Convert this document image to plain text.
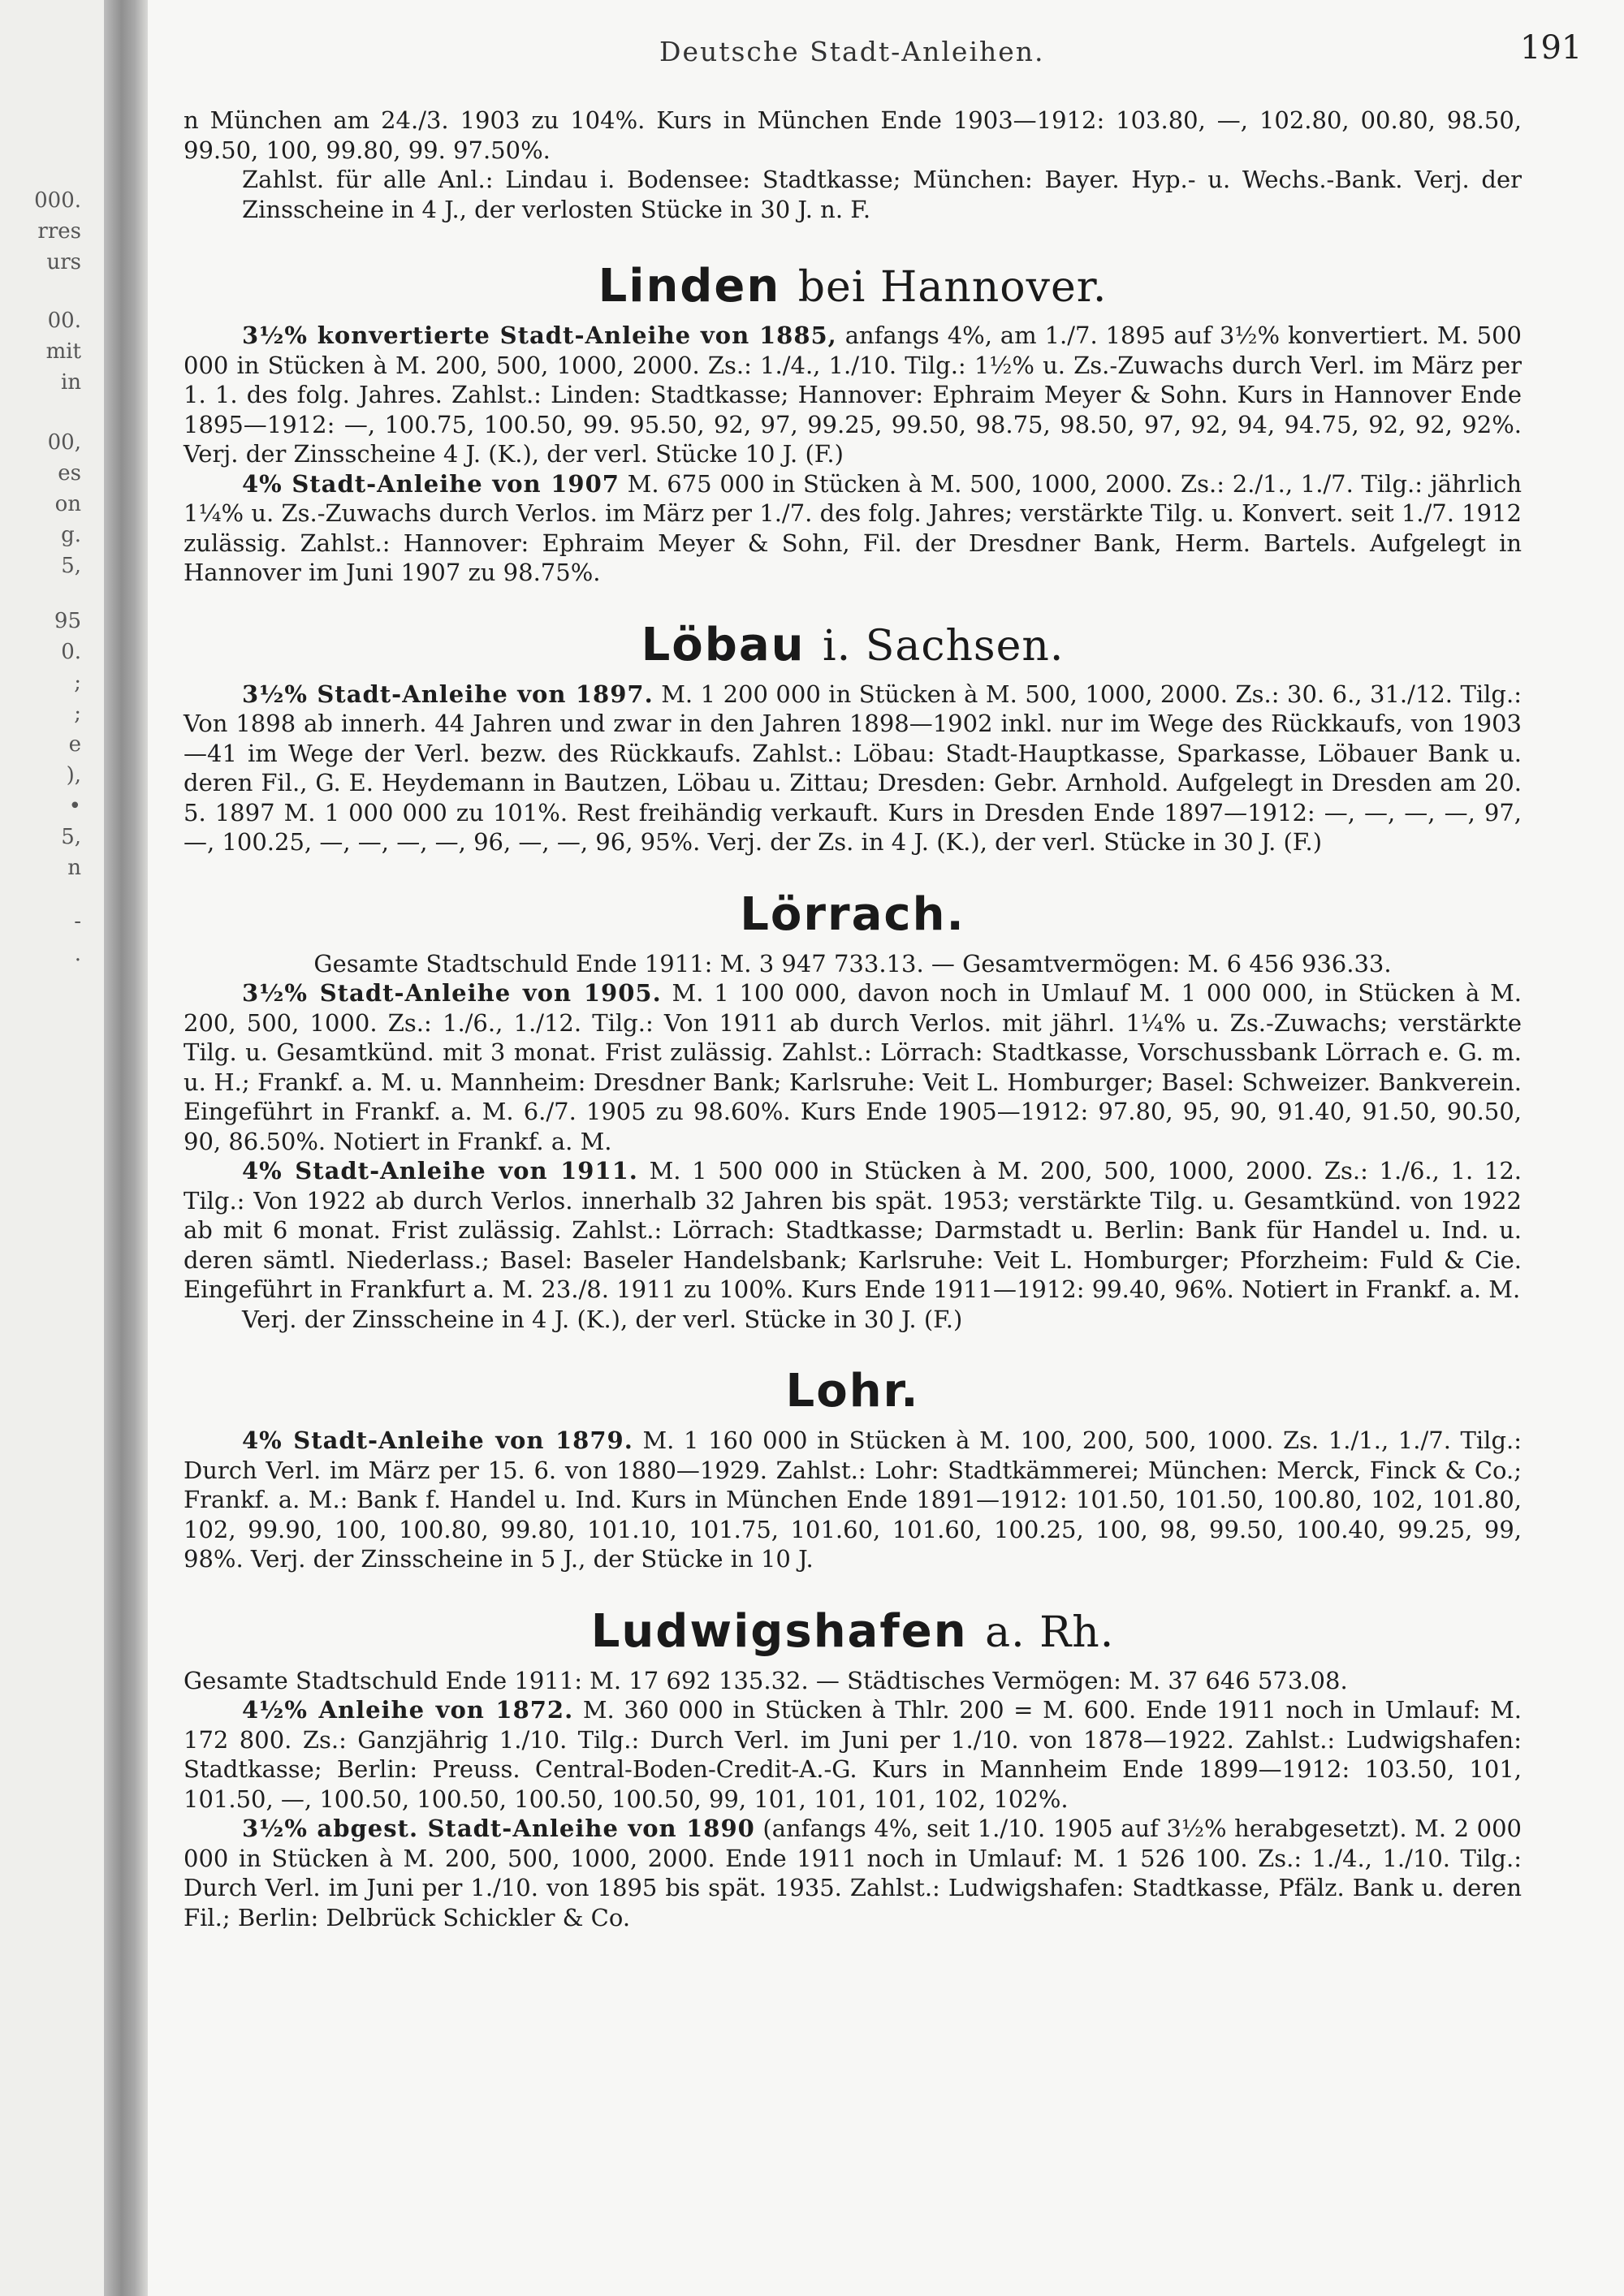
000.
rres
urs
00.
mit
in
00,
es
on
g.
5,
95
0.
;
;
e
),
•
5,
n
-
.
Deutsche Stadt-Anleihen.	191

n München am 24./3. 1903 zu 104%. Kurs in München Ende 1903—1912: 103.80, —, 102.80, 00.80, 98.50, 99.50, 100, 99.80, 99. 97.50%.

Zahlst. für alle Anl.: Lindau i. Bodensee: Stadtkasse; München: Bayer. Hyp.- u. Wechs.-Bank. Verj. der Zinsscheine in 4 J., der verlosten Stücke in 30 J. n. F.

Linden bei Hannover.

3½% konvertierte Stadt-Anleihe von 1885, anfangs 4%, am 1./7. 1895 auf 3½% konvertiert. M. 500 000 in Stücken à M. 200, 500, 1000, 2000. Zs.: 1./4., 1./10. Tilg.: 1½% u. Zs.-Zuwachs durch Verl. im März per 1. 1. des folg. Jahres. Zahlst.: Linden: Stadtkasse; Hannover: Ephraim Meyer & Sohn. Kurs in Hannover Ende 1895—1912: —, 100.75, 100.50, 99. 95.50, 92, 97, 99.25, 99.50, 98.75, 98.50, 97, 92, 94, 94.75, 92, 92, 92%. Verj. der Zinsscheine 4 J. (K.), der verl. Stücke 10 J. (F.)

4% Stadt-Anleihe von 1907 M. 675 000 in Stücken à M. 500, 1000, 2000. Zs.: 2./1., 1./7. Tilg.: jährlich 1¼% u. Zs.-Zuwachs durch Verlos. im März per 1./7. des folg. Jahres; verstärkte Tilg. u. Konvert. seit 1./7. 1912 zulässig. Zahlst.: Hannover: Ephraim Meyer & Sohn, Fil. der Dresdner Bank, Herm. Bartels. Aufgelegt in Hannover im Juni 1907 zu 98.75%.

Löbau i. Sachsen.

3½% Stadt-Anleihe von 1897. M. 1 200 000 in Stücken à M. 500, 1000, 2000. Zs.: 30. 6., 31./12. Tilg.: Von 1898 ab innerh. 44 Jahren und zwar in den Jahren 1898—1902 inkl. nur im Wege des Rückkaufs, von 1903—41 im Wege der Verl. bezw. des Rückkaufs. Zahlst.: Löbau: Stadt-Hauptkasse, Sparkasse, Löbauer Bank u. deren Fil., G. E. Heydemann in Bautzen, Löbau u. Zittau; Dresden: Gebr. Arnhold. Aufgelegt in Dresden am 20. 5. 1897 M. 1 000 000 zu 101%. Rest freihändig verkauft. Kurs in Dresden Ende 1897—1912: —, —, —, —, 97, —, 100.25, —, —, —, —, 96, —, —, 96, 95%. Verj. der Zs. in 4 J. (K.), der verl. Stücke in 30 J. (F.)

Lörrach.

Gesamte Stadtschuld Ende 1911: M. 3 947 733.13. — Gesamtvermögen: M. 6 456 936.33.

3½% Stadt-Anleihe von 1905. M. 1 100 000, davon noch in Umlauf M. 1 000 000, in Stücken à M. 200, 500, 1000. Zs.: 1./6., 1./12. Tilg.: Von 1911 ab durch Verlos. mit jährl. 1¼% u. Zs.-Zuwachs; verstärkte Tilg. u. Gesamtkünd. mit 3 monat. Frist zulässig. Zahlst.: Lörrach: Stadtkasse, Vorschussbank Lörrach e. G. m. u. H.; Frankf. a. M. u. Mannheim: Dresdner Bank; Karlsruhe: Veit L. Homburger; Basel: Schweizer. Bankverein. Eingeführt in Frankf. a. M. 6./7. 1905 zu 98.60%. Kurs Ende 1905—1912: 97.80, 95, 90, 91.40, 91.50, 90.50, 90, 86.50%. Notiert in Frankf. a. M.

4% Stadt-Anleihe von 1911. M. 1 500 000 in Stücken à M. 200, 500, 1000, 2000. Zs.: 1./6., 1. 12. Tilg.: Von 1922 ab durch Verlos. innerhalb 32 Jahren bis spät. 1953; verstärkte Tilg. u. Gesamtkünd. von 1922 ab mit 6 monat. Frist zulässig. Zahlst.: Lörrach: Stadtkasse; Darmstadt u. Berlin: Bank für Handel u. Ind. u. deren sämtl. Niederlass.; Basel: Baseler Handelsbank; Karlsruhe: Veit L. Homburger; Pforzheim: Fuld & Cie. Eingeführt in Frankfurt a. M. 23./8. 1911 zu 100%. Kurs Ende 1911—1912: 99.40, 96%. Notiert in Frankf. a. M.

Verj. der Zinsscheine in 4 J. (K.), der verl. Stücke in 30 J. (F.)

Lohr.

4% Stadt-Anleihe von 1879. M. 1 160 000 in Stücken à M. 100, 200, 500, 1000. Zs. 1./1., 1./7. Tilg.: Durch Verl. im März per 15. 6. von 1880—1929. Zahlst.: Lohr: Stadtkämmerei; München: Merck, Finck & Co.; Frankf. a. M.: Bank f. Handel u. Ind. Kurs in München Ende 1891—1912: 101.50, 101.50, 100.80, 102, 101.80, 102, 99.90, 100, 100.80, 99.80, 101.10, 101.75, 101.60, 101.60, 100.25, 100, 98, 99.50, 100.40, 99.25, 99, 98%. Verj. der Zinsscheine in 5 J., der Stücke in 10 J.

Ludwigshafen a. Rh.

Gesamte Stadtschuld Ende 1911: M. 17 692 135.32. — Städtisches Vermögen: M. 37 646 573.08.

4½% Anleihe von 1872. M. 360 000 in Stücken à Thlr. 200 = M. 600. Ende 1911 noch in Umlauf: M. 172 800. Zs.: Ganzjährig 1./10. Tilg.: Durch Verl. im Juni per 1./10. von 1878—1922. Zahlst.: Ludwigshafen: Stadtkasse; Berlin: Preuss. Central-Boden-Credit-A.-G. Kurs in Mannheim Ende 1899—1912: 103.50, 101, 101.50, —, 100.50, 100.50, 100.50, 100.50, 99, 101, 101, 101, 102, 102%.

3½% abgest. Stadt-Anleihe von 1890 (anfangs 4%, seit 1./10. 1905 auf 3½% herabgesetzt). M. 2 000 000 in Stücken à M. 200, 500, 1000, 2000. Ende 1911 noch in Umlauf: M. 1 526 100. Zs.: 1./4., 1./10. Tilg.: Durch Verl. im Juni per 1./10. von 1895 bis spät. 1935. Zahlst.: Ludwigshafen: Stadtkasse, Pfälz. Bank u. deren Fil.; Berlin: Delbrück Schickler & Co.
